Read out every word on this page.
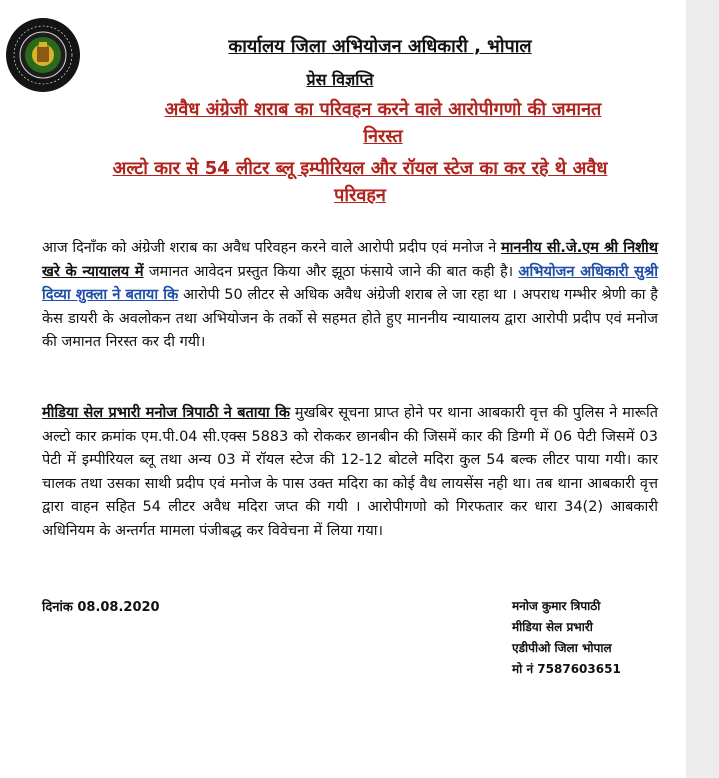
कार्यालय जिला अभियोजन अधिकारी , भोपाल
प्रेस विज्ञप्ति
अवैध अंग्रेजी शराब का परिवहन करने वाले आरोपीगणो की जमानत
निरस्त
अल्टो कार से 54 लीटर ब्लू इम्पीरियल और रॉयल स्टेज का कर रहे थे अवैध
परिवहन
आज दिनाँक को अंग्रेजी शराब का अवैध परिवहन करने वाले आरोपी प्रदीप एवं मनोज ने माननीय सी.जे.एम श्री निशीथ खरे के न्यायालय में जमानत आवेदन प्रस्तुत किया और झूठा फंसाये जाने की बात कही है। अभियोजन अधिकारी सुश्री दिव्या शुक्ला ने बताया कि आरोपी 50 लीटर से अधिक अवैध अंग्रेजी शराब ले जा रहा था । अपराध गम्भीर श्रेणी का है केस डायरी के अवलोकन तथा अभियोजन के तर्को से सहमत होते हुए माननीय न्यायालय द्वारा आरोपी प्रदीप एवं मनोज की जमानत निरस्त कर दी गयी।
मीडिया सेल प्रभारी मनोज त्रिपाठी ने बताया कि मुखबिर सूचना प्राप्त होने पर थाना आबकारी वृत्त की पुलिस ने मारूति अल्टो कार क्रमांक एम.पी.04 सी.एक्स 5883 को रोककर छानबीन की जिसमें कार की डिग्गी में 06 पेटी जिसमें 03 पेटी में इम्पीरियल ब्लू तथा अन्य 03 में रॉयल स्टेज की 12-12 बोटले मदिरा कुल 54 बल्क लीटर पाया गयी। कार चालक तथा उसका साथी प्रदीप एवं मनोज के पास उक्त मदिरा का कोई वैध लायसेंस नही था। तब थाना आबकारी वृत्त द्वारा वाहन सहित 54 लीटर अवैध मदिरा जप्त की गयी । आरोपीगणो को गिरफतार कर धारा 34(2) आबकारी अधिनियम के अन्तर्गत मामला पंजीबद्ध कर विवेचना में लिया गया।
दिनांक 08.08.2020	मनोज कुमार त्रिपाठी
मीडिया सेल प्रभारी
एडीपीओ जिला भोपाल
मो नं 7587603651
